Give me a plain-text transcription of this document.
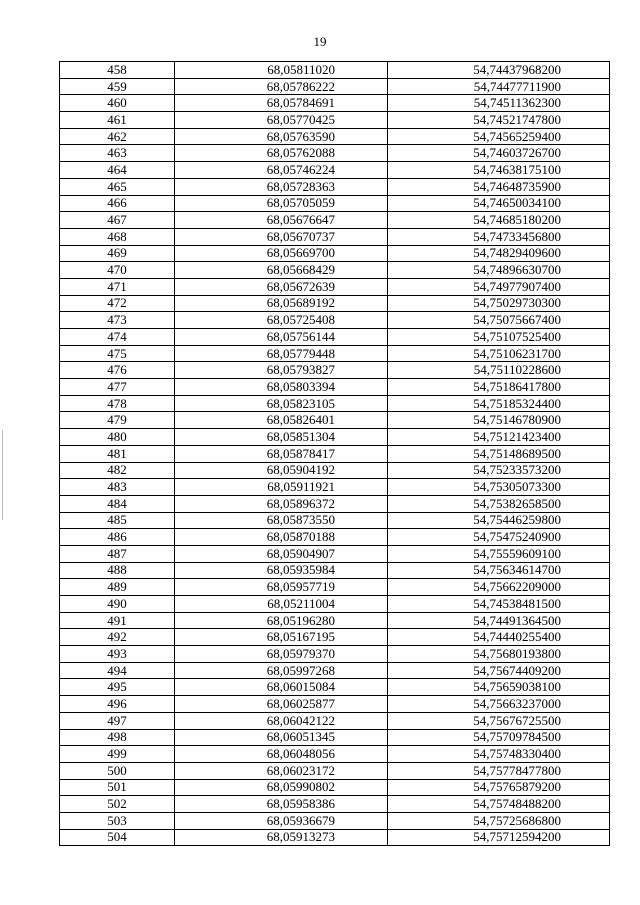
19
458	68,05811020	54,74437968200
459	68,05786222	54,74477711900
460	68,05784691	54,74511362300
461	68,05770425	54,74521747800
462	68,05763590	54,74565259400
463	68,05762088	54,74603726700
464	68,05746224	54,74638175100
465	68,05728363	54,74648735900
466	68,05705059	54,74650034100
467	68,05676647	54,74685180200
468	68,05670737	54,74733456800
469	68,05669700	54,74829409600
470	68,05668429	54,74896630700
471	68,05672639	54,74977907400
472	68,05689192	54,75029730300
473	68,05725408	54,75075667400
474	68,05756144	54,75107525400
475	68,05779448	54,75106231700
476	68,05793827	54,75110228600
477	68,05803394	54,75186417800
478	68,05823105	54,75185324400
479	68,05826401	54,75146780900
480	68,05851304	54,75121423400
481	68,05878417	54,75148689500
482	68,05904192	54,75233573200
483	68,05911921	54,75305073300
484	68,05896372	54,75382658500
485	68,05873550	54,75446259800
486	68,05870188	54,75475240900
487	68,05904907	54,75559609100
488	68,05935984	54,75634614700
489	68,05957719	54,75662209000
490	68,05211004	54,74538481500
491	68,05196280	54,74491364500
492	68,05167195	54,74440255400
493	68,05979370	54,75680193800
494	68,05997268	54,75674409200
495	68,06015084	54,75659038100
496	68,06025877	54,75663237000
497	68,06042122	54,75676725500
498	68,06051345	54,75709784500
499	68,06048056	54,75748330400
500	68,06023172	54,75778477800
501	68,05990802	54,75765879200
502	68,05958386	54,75748488200
503	68,05936679	54,75725686800
504	68,05913273	54,75712594200
